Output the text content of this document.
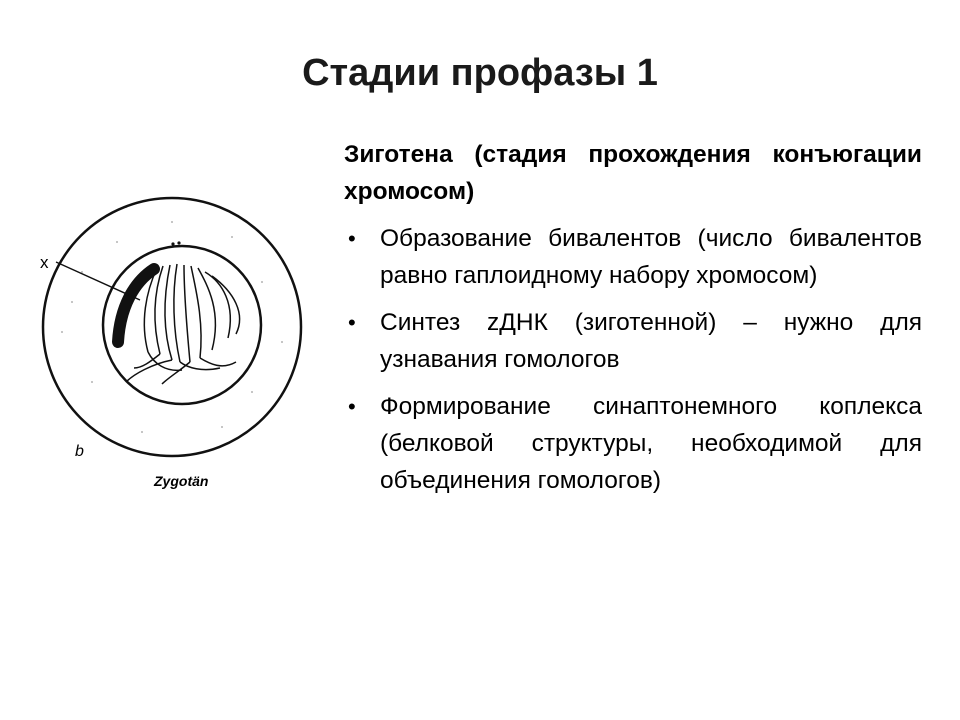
Стадии профазы 1
x
b
Zygotän
Зиготена (стадия прохождения конъюгации хромосом)
• Образование бивалентов (число бивалентов равно гаплоидному набору хромосом)
• Синтез zДНК (зиготенной) – нужно для узнавания гомологов
• Формирование синаптонемного коплекса (белковой структуры, необходимой для объединения гомологов)
